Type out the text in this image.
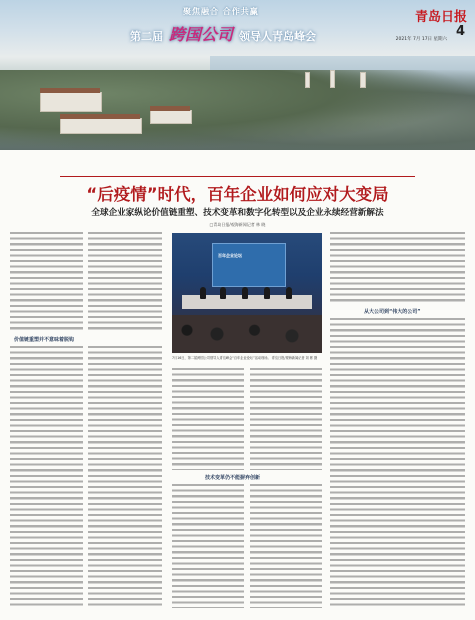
聚焦融合 合作共赢
第二届 跨国公司 领导人青岛峰会
青岛日报
4
2021年 7月 17日 星期六
“后疫情”时代，百年企业如何应对大变局
全球企业家纵论价值链重塑、技术变革和数字化转型以及企业永续经营新解法
□青岛日报/观海新闻记者 林 晓
价值链重塑并不意味着脱钩
百年企业论坛
7月16日，第二届跨国公司领导人青岛峰会“百年企业论坛”活动现场。 青岛日报/观海新闻记者 刘 彬 摄
技术变革仍不能摒弃创新
从大公司到“伟大的公司”
